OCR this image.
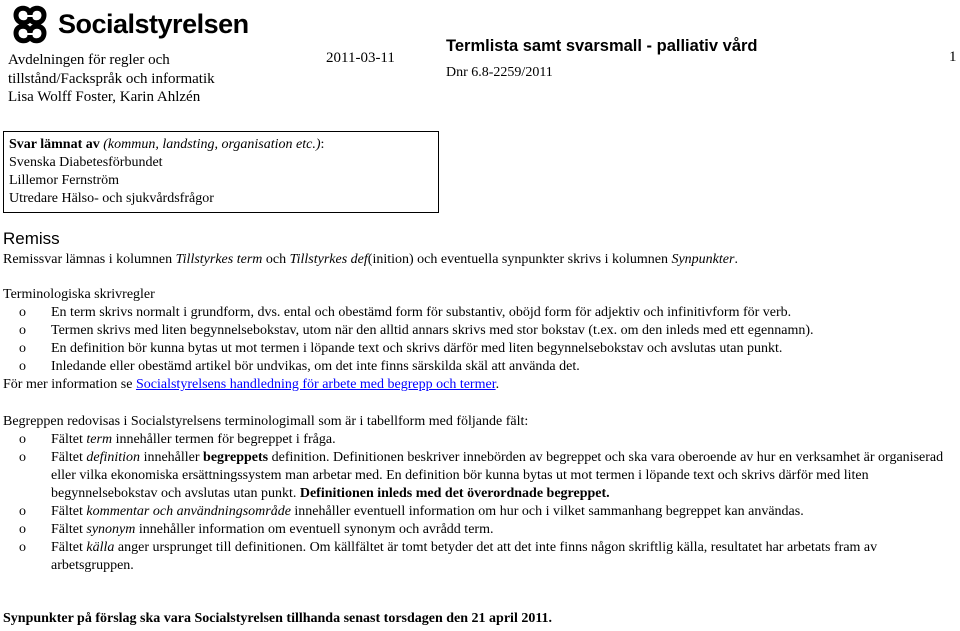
Socialstyrelsen
Avdelningen för regler och
tillstånd/Fackspråk och informatik
Lisa Wolff Foster, Karin Ahlzén
2011-03-11
Termlista samt svarsmall - palliativ vård
Dnr 6.8-2259/2011
1
Svar lämnat av (kommun, landsting, organisation etc.):
Svenska Diabetesförbundet
Lillemor Fernström
Utredare Hälso- och sjukvårdsfrågor
Remiss
Remissvar lämnas i kolumnen Tillstyrkes term och Tillstyrkes def(inition) och eventuella synpunkter skrivs i kolumnen Synpunkter.
Terminologiska skrivregler
o En term skrivs normalt i grundform, dvs. ental och obestämd form för substantiv, oböjd form för adjektiv och infinitivform för verb.
o Termen skrivs med liten begynnelsebokstav, utom när den alltid annars skrivs med stor bokstav (t.ex. om den inleds med ett egennamn).
o En definition bör kunna bytas ut mot termen i löpande text och skrivs därför med liten begynnelsebokstav och avslutas utan punkt.
o Inledande eller obestämd artikel bör undvikas, om det inte finns särskilda skäl att använda det.
För mer information se Socialstyrelsens handledning för arbete med begrepp och termer.
Begreppen redovisas i Socialstyrelsens terminologimall som är i tabellform med följande fält:
o Fältet term innehåller termen för begreppet i fråga.
o Fältet definition innehåller begreppets definition. Definitionen beskriver innebörden av begreppet och ska vara oberoende av hur en verksamhet är organiserad eller vilka ekonomiska ersättningssystem man arbetar med. En definition bör kunna bytas ut mot termen i löpande text och skrivs därför med liten begynnelsebokstav och avslutas utan punkt. Definitionen inleds med det överordnade begreppet.
o Fältet kommentar och användningsområde innehåller eventuell information om hur och i vilket sammanhang begreppet kan användas.
o Fältet synonym innehåller information om eventuell synonym och avrådd term.
o Fältet källa anger ursprunget till definitionen. Om källfältet är tomt betyder det att det inte finns någon skriftlig källa, resultatet har arbetats fram av arbetsgruppen.
Synpunkter på förslag ska vara Socialstyrelsen tillhanda senast torsdagen den 21 april 2011.
